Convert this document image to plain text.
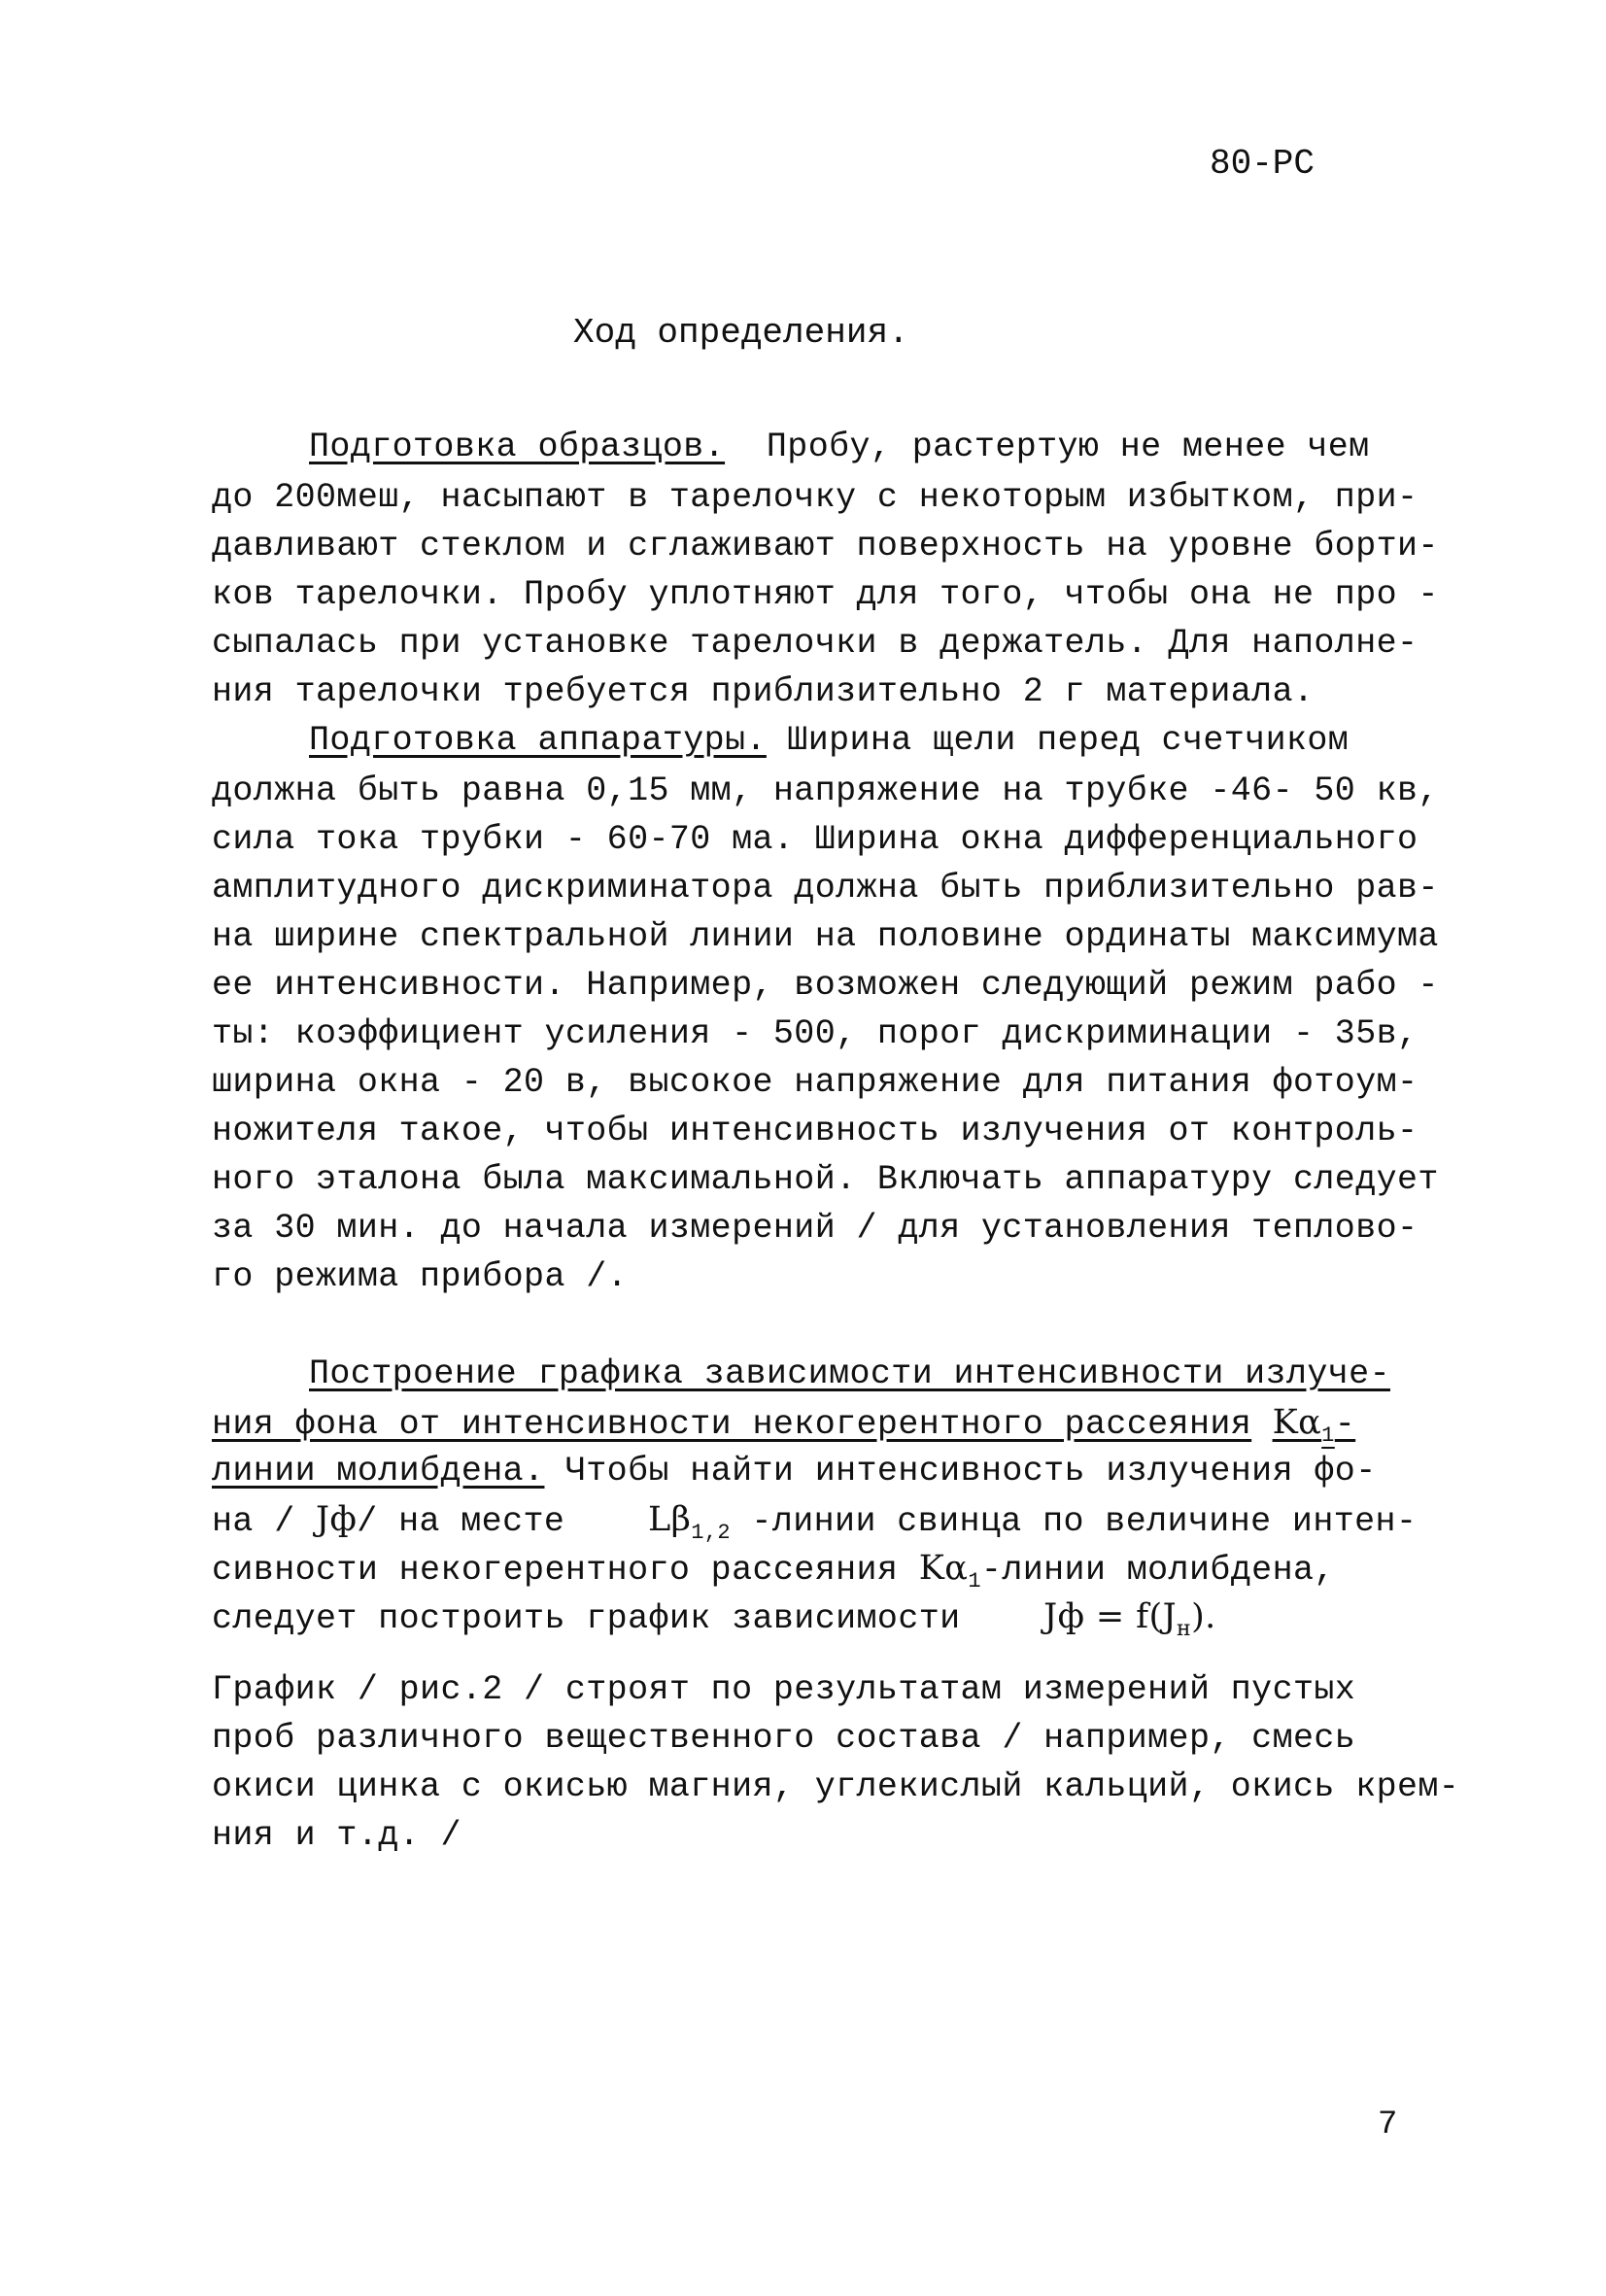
80-РС
Ход определения.
Подготовка образцов.  Пробу, растертую не менее чем
до 200меш, насыпают в тарелочку с некоторым избытком, при-
давливают стеклом и сглаживают поверхность на уровне борти-
ков тарелочки. Пробу уплотняют для того, чтобы она не про -
сыпалась при установке тарелочки в держатель. Для наполне-
ния тарелочки требуется приблизительно 2 г материала.
Подготовка аппаратуры. Ширина щели перед счетчиком
должна быть равна 0,15 мм, напряжение на трубке -46- 50 кв,
сила тока трубки - 60-70 ма. Ширина окна дифференциального
амплитудного дискриминатора должна быть приблизительно рав-
на ширине спектральной линии на половине ординаты максимума
ее интенсивности. Например, возможен следующий режим рабо -
ты: коэффициент усиления - 500, порог дискриминации - 35в,
ширина окна - 20 в, высокое напряжение для питания фотоум-
ножителя такое, чтобы интенсивность излучения от контроль-
ного эталона была максимальной. Включать аппаратуру следует
за 30 мин. до начала измерений / для установления теплово-
го режима прибора /.
Построение графика зависимости интенсивности излуче-
ния фона от интенсивности некогерентного рассеяния $K\alpha_1-$
линии молибдена. Чтобы найти интенсивность излучения фо-
на / Jф/ на месте $L\beta_{1,2}$ -линии свинца по величине интен-
сивности некогерентного рассеяния $K\alpha_1$-линии молибдена,
следует построить график зависимости    Jф = $f(J_н)$.
График / рис.2 / строят по результатам измерений пустых
проб различного вещественного состава / например, смесь
окиси цинка с окисью магния, углекислый кальций, окись крем-
ния и т.д. /
7
